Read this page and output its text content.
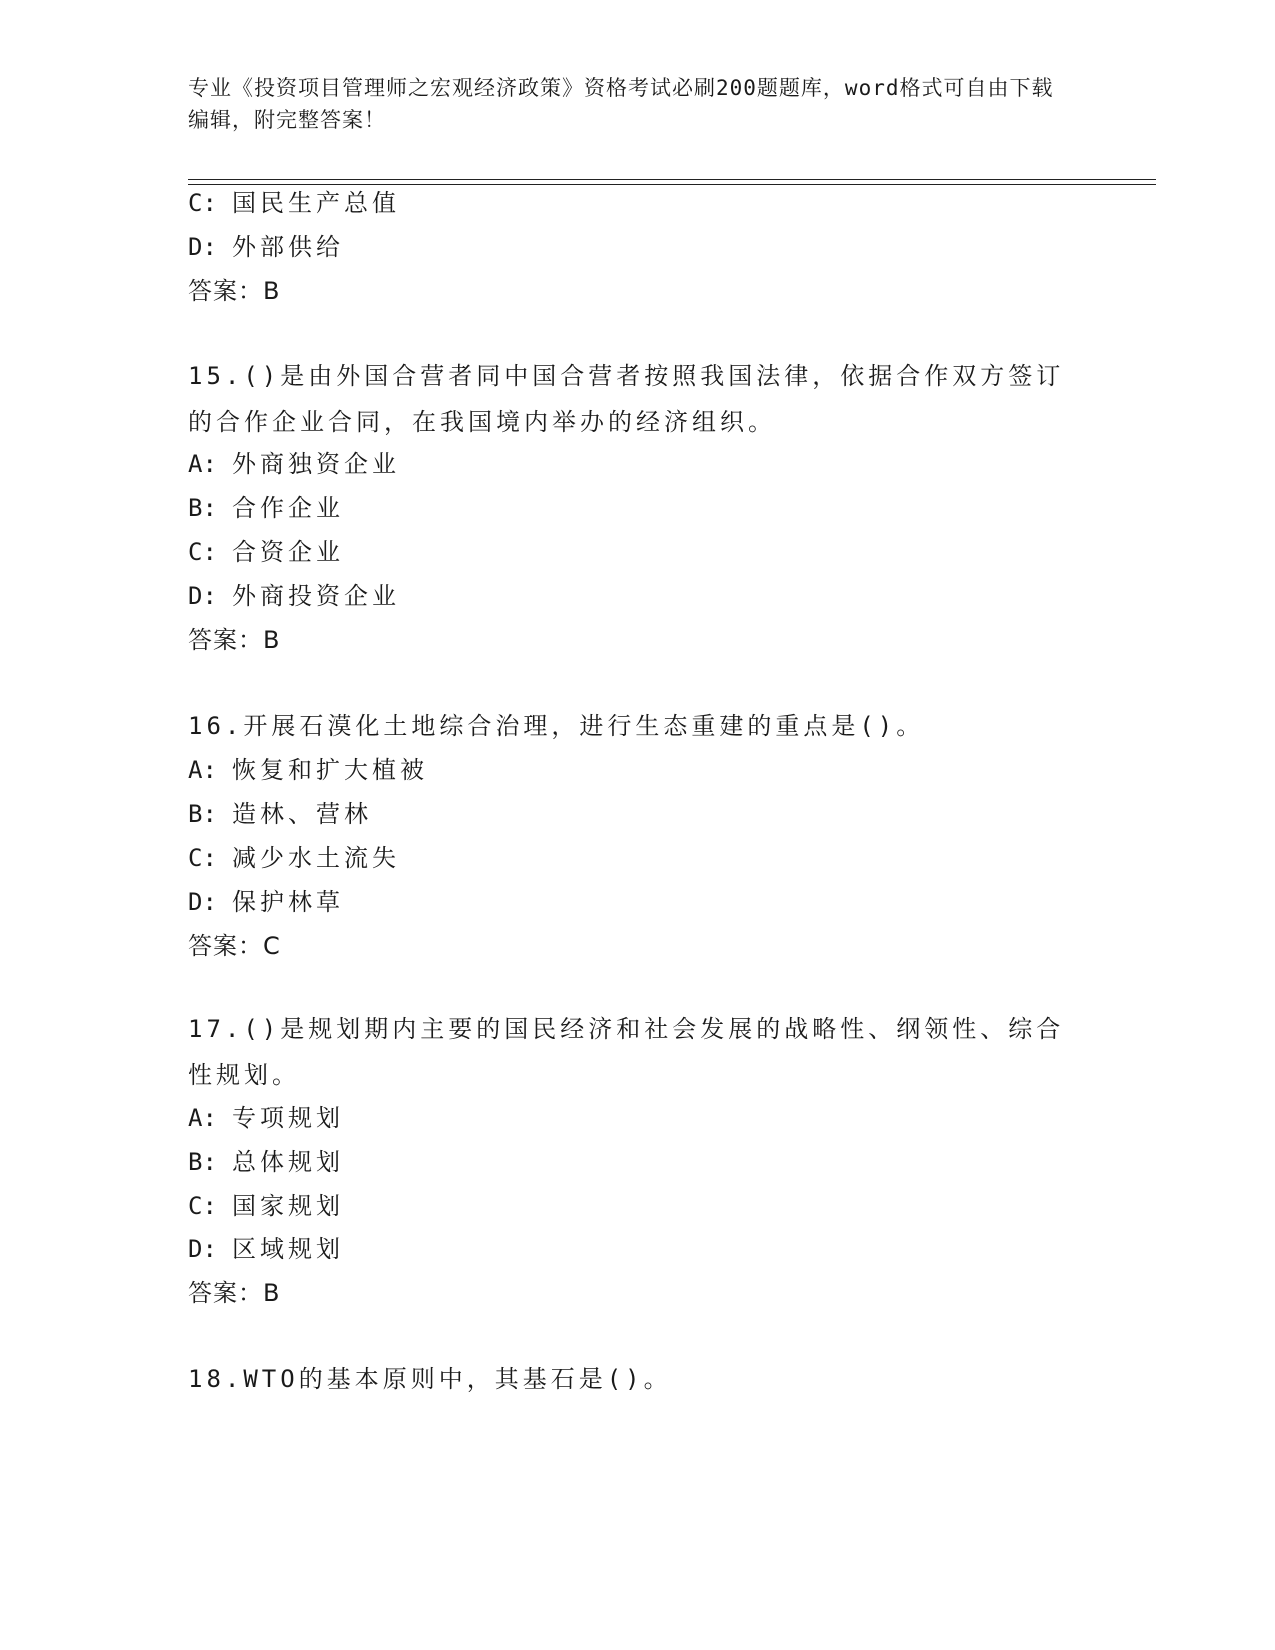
专业《投资项目管理师之宏观经济政策》资格考试必刷200题题库，word格式可自由下载编辑，附完整答案！
C: 国民生产总值
D: 外部供给
答案：B
15.()是由外国合营者同中国合营者按照我国法律，依据合作双方签订的合作企业合同，在我国境内举办的经济组织。
A: 外商独资企业
B: 合作企业
C: 合资企业
D: 外商投资企业
答案：B
16.开展石漠化土地综合治理，进行生态重建的重点是()。
A: 恢复和扩大植被
B: 造林、营林
C: 减少水土流失
D: 保护林草
答案：C
17.()是规划期内主要的国民经济和社会发展的战略性、纲领性、综合性规划。
A: 专项规划
B: 总体规划
C: 国家规划
D: 区域规划
答案：B
18.WTO的基本原则中，其基石是()。
